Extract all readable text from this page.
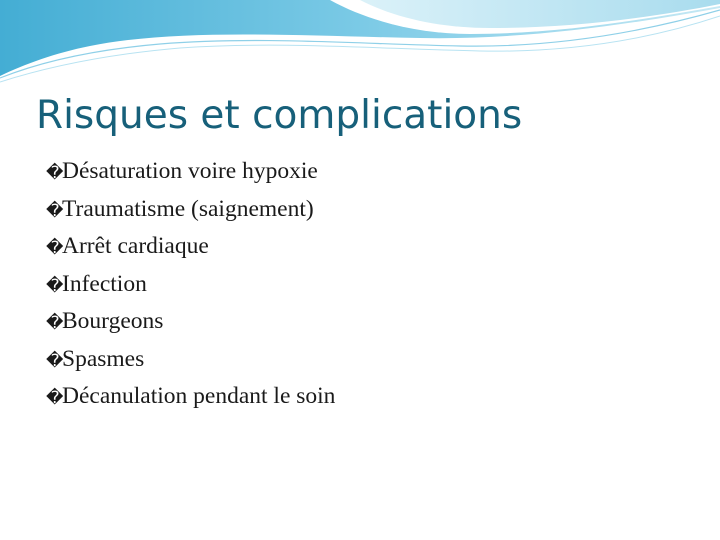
Risques et complications
�
Désaturation voire hypoxie
�
Traumatisme (saignement)
�
Arrêt cardiaque
�
Infection
�
Bourgeons
�
Spasmes
�
Décanulation pendant le soin
